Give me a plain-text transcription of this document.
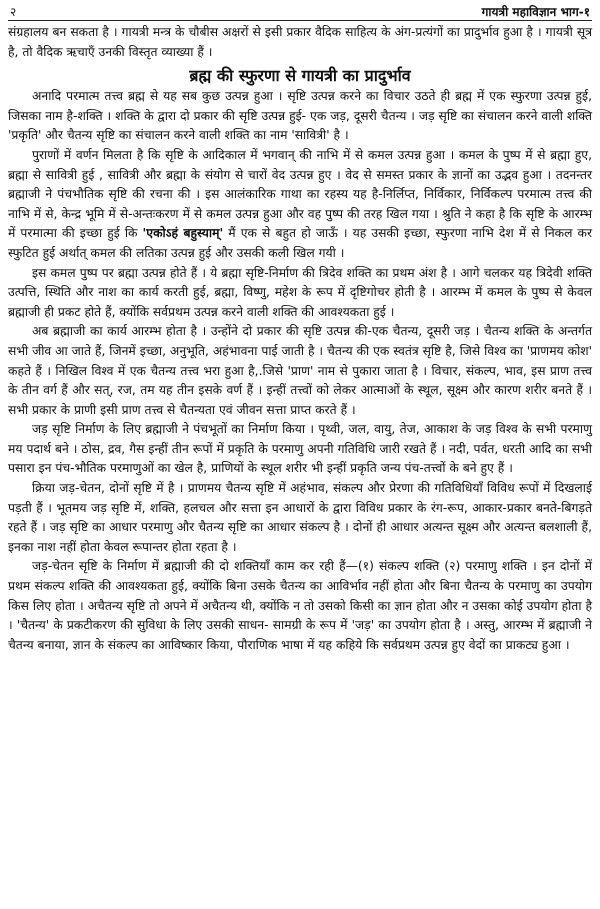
२	गायत्री महाविज्ञान भाग-१

संग्रहालय बन सकता है । गायत्री मन्त्र के चौबीस अक्षरों से इसी प्रकार वैदिक साहित्य के अंग-प्रत्यंगों का प्रादुर्भाव हुआ है । गायत्री सूत्र है, तो वैदिक ऋचाएँ उनकी विस्तृत व्याख्या हैं ।

ब्रह्म की स्फुरणा से गायत्री का प्रादुर्भाव

अनादि परमात्म तत्त्व ब्रह्म से यह सब कुछ उत्पन्न हुआ । सृष्टि उत्पन्न करने का विचार उठते ही ब्रह्म में एक स्फुरणा उत्पन्न हुई, जिसका नाम है-शक्ति । शक्ति के द्वारा दो प्रकार की सृष्टि उत्पन्न हुई- एक जड़, दूसरी चैतन्य । जड़ सृष्टि का संचालन करने वाली शक्ति 'प्रकृति' और चैतन्य सृष्टि का संचालन करने वाली शक्ति का नाम 'सावित्री' है ।

पुराणों में वर्णन मिलता है कि सृष्टि के आदिकाल में भगवान् की नाभि में से कमल उत्पन्न हुआ । कमल के पुष्प में से ब्रह्मा हुए, ब्रह्मा से सावित्री हुई , सावित्री और ब्रह्मा के संयोग से चारों वेद उत्पन्न हुए । वेद से समस्त प्रकार के ज्ञानों का उद्भव हुआ । तदनन्तर ब्रह्माजी ने पंचभौतिक सृष्टि की रचना की । इस आलंकारिक गाथा का रहस्य यह है-निर्लिप्त, निर्विकार, निर्विकल्प परमात्म तत्त्व की नाभि में से, केन्द्र भूमि में से-अन्तःकरण में से कमल उत्पन्न हुआ और वह पुष्प की तरह खिल गया । श्रुति ने कहा है कि सृष्टि के आरम्भ में परमात्मा की इच्छा हुई कि 'एकोऽहं बहुस्याम्' मैं एक से बहुत हो जाऊँ । यह उसकी इच्छा, स्फुरणा नाभि देश में से निकल कर स्फुटित हुई अर्थात् कमल की लतिका उत्पन्न हुई और उसकी कली खिल गयी ।

इस कमल पुष्प पर ब्रह्मा उत्पन्न होते हैं । ये ब्रह्मा सृष्टि-निर्माण की त्रिदेव शक्ति का प्रथम अंश है । आगे चलकर यह त्रिदेवी शक्ति उत्पत्ति, स्थिति और नाश का कार्य करती हुई, ब्रह्मा, विष्णु, महेश के रूप में दृष्टिगोचर होती है । आरम्भ में कमल के पुष्प से केवल ब्रह्माजी ही प्रकट होते हैं, क्योंकि सर्वप्रथम उत्पन्न करने वाली शक्ति की आवश्यकता हुई ।

अब ब्रह्माजी का कार्य आरम्भ होता है । उन्होंने दो प्रकार की सृष्टि उत्पन्न की-एक चैतन्य, दूसरी जड़ । चैतन्य शक्ति के अन्तर्गत सभी जीव आ जाते हैं, जिनमें इच्छा, अनुभूति, अहंभावना पाई जाती है । चैतन्य की एक स्वतंत्र सृष्टि है, जिसे विश्व का 'प्राणमय कोश' कहते हैं । निखिल विश्व में एक चैतन्य तत्त्व भरा हुआ है,.जिसे 'प्राण' नाम से पुकारा जाता है । विचार, संकल्प, भाव, इस प्राण तत्त्व के तीन वर्ग हैं और सत्, रज, तम यह तीन इसके वर्ण हैं । इन्हीं तत्त्वों को लेकर आत्माओं के स्थूल, सूक्ष्म और कारण शरीर बनते हैं । सभी प्रकार के प्राणी इसी प्राण तत्त्व से चैतन्यता एवं जीवन सत्ता प्राप्त करते हैं ।

जड़ सृष्टि निर्माण के लिए ब्रह्माजी ने पंचभूतों का निर्माण किया । पृथ्वी, जल, वायु, तेज, आकाश के जड़ विश्व के सभी परमाणु मय पदार्थ बने । ठोस, द्रव, गैस इन्हीं तीन रूपों में प्रकृति के परमाणु अपनी गतिविधि जारी रखते हैं । नदी, पर्वत, धरती आदि का सभी पसारा इन पंच-भौतिक परमाणुओं का खेल है, प्राणियों के स्थूल शरीर भी इन्हीं प्रकृति जन्य पंच-तत्त्वों के बने हुए हैं ।

क्रिया जड़-चेतन, दोनों सृष्टि में है । प्राणमय चैतन्य सृष्टि में अहंभाव, संकल्प और प्रेरणा की गतिविधियाँ विविध रूपों में दिखलाई पड़ती हैं । भूतमय जड़ सृष्टि में, शक्ति, हलचल और सत्ता इन आधारों के द्वारा विविध प्रकार के रंग-रूप, आकार-प्रकार बनते-बिगड़ते रहते हैं । जड़ सृष्टि का आधार परमाणु और चैतन्य सृष्टि का आधार संकल्प है । दोनों ही आधार अत्यन्त सूक्ष्म और अत्यन्त बलशाली हैं, इनका नाश नहीं होता केवल रूपान्तर होता रहता है ।

जड़-चेतन सृष्टि के निर्माण में ब्रह्माजी की दो शक्तियाँ काम कर रही हैं—(१) संकल्प शक्ति (२) परमाणु शक्ति । इन दोनों में प्रथम संकल्प शक्ति की आवश्यकता हुई, क्योंकि बिना उसके चैतन्य का आविर्भाव नहीं होता और बिना चैतन्य के परमाणु का उपयोग किस लिए होता । अचैतन्य सृष्टि तो अपने में अचैतन्य थी, क्योंकि न तो उसको किसी का ज्ञान होता और न उसका कोई उपयोग होता है । 'चैतन्य' के प्रकटीकरण की सुविधा के लिए उसकी साधन- सामग्री के रूप में 'जड़' का उपयोग होता है । अस्तु, आरम्भ में ब्रह्माजी ने चैतन्य बनाया, ज्ञान के संकल्प का आविष्कार किया, पौराणिक भाषा में यह कहिये कि सर्वप्रथम उत्पन्न हुए वेदों का प्राकट्य हुआ ।
